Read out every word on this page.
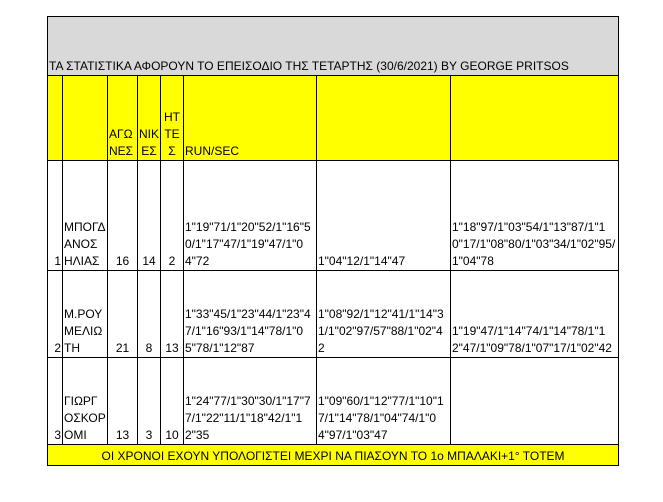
ΤΑ ΣΤΑΤΙΣΤΙΚΑ ΑΦΟΡΟΥΝ ΤΟ ΕΠΕΙΣΟΔΙΟ ΤΗΣ ΤΕΤΑΡΤΗΣ (30/6/2021) BY GEORGE PRITSOS							
		ΑΓΩΝΕΣ	ΝΙΚΕΣ	ΗΤΤΕΣ	RUN/SEC		
1	ΜΠΟΓΔΑΝΟΣΗΛΙΑΣ	16	14	2	1"19"71/1"20"52/1"16"50/1"17"47/1"19"47/1"04"72	1"04"12/1"14"47	1"18"97/1"03"54/1"13"87/1"10"17/1"08"80/1"03"34/1"02"95/1"04"78
2	Μ.ΡΟΥΜΕΛΙΩΤΗ	21	8	13	1"33"45/1"23"44/1"23"47/1"16"93/1"14"78/1"05"78/1"12"87	1"08"92/1"12"41/1"14"31/1"02"97/57"88/1"02"42	1"19"47/1"14"74/1"14"78/1"12"47/1"09"78/1"07"17/1"02"42
3	ΓΙΩΡΓΟΣΚΟΡΟΜΙ	13	3	10	1"24"77/1"30"30/1"17"77/1"22"11/1"18"42/1"12"35	1"09"60/1"12"77/1"10"17/1"14"78/1"04"74/1"04"97/1"03"47	
ΟΙ ΧΡΟΝΟΙ ΕΧΟΥΝ ΥΠΟΛΟΓΙΣΤΕΙ ΜΕΧΡΙ ΝΑ ΠΙΑΣΟΥΝ ΤΟ 1ο ΜΠΑΛΑΚΙ+1° ΤΟΤΕΜ							
